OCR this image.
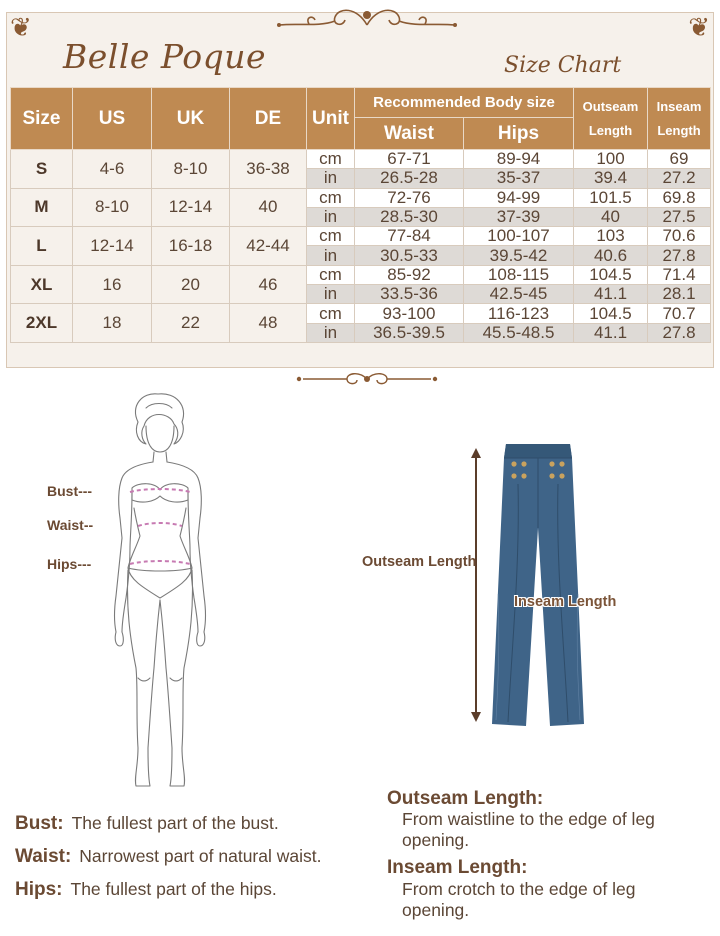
❦	❦
Belle Poque	Size Chart
Size	US	UK	DE	Unit	Recommended Body size		Outseam Length	Inseam Length
					Waist	Hips		
S	4-6	8-10	36-38	cm	67-71	89-94	100	69
				in	26.5-28	35-37	39.4	27.2
M	8-10	12-14	40	cm	72-76	94-99	101.5	69.8
				in	28.5-30	37-39	40	27.5
L	12-14	16-18	42-44	cm	77-84	100-107	103	70.6
				in	30.5-33	39.5-42	40.6	27.8
XL	16	20	46	cm	85-92	108-115	104.5	71.4
				in	33.5-36	42.5-45	41.1	28.1
2XL	18	22	48	cm	93-100	116-123	104.5	70.7
				in	36.5-39.5	45.5-48.5	41.1	27.8
Bust---
Waist--
Hips---	Outseam Length
Inseam Length
Bust: The fullest part of the bust.
Waist: Narrowest part of natural waist.
Hips: The fullest part of the hips.
Outseam Length:
From waistline to the edge of leg
opening.
Inseam Length:
From crotch to the edge of leg
opening.
